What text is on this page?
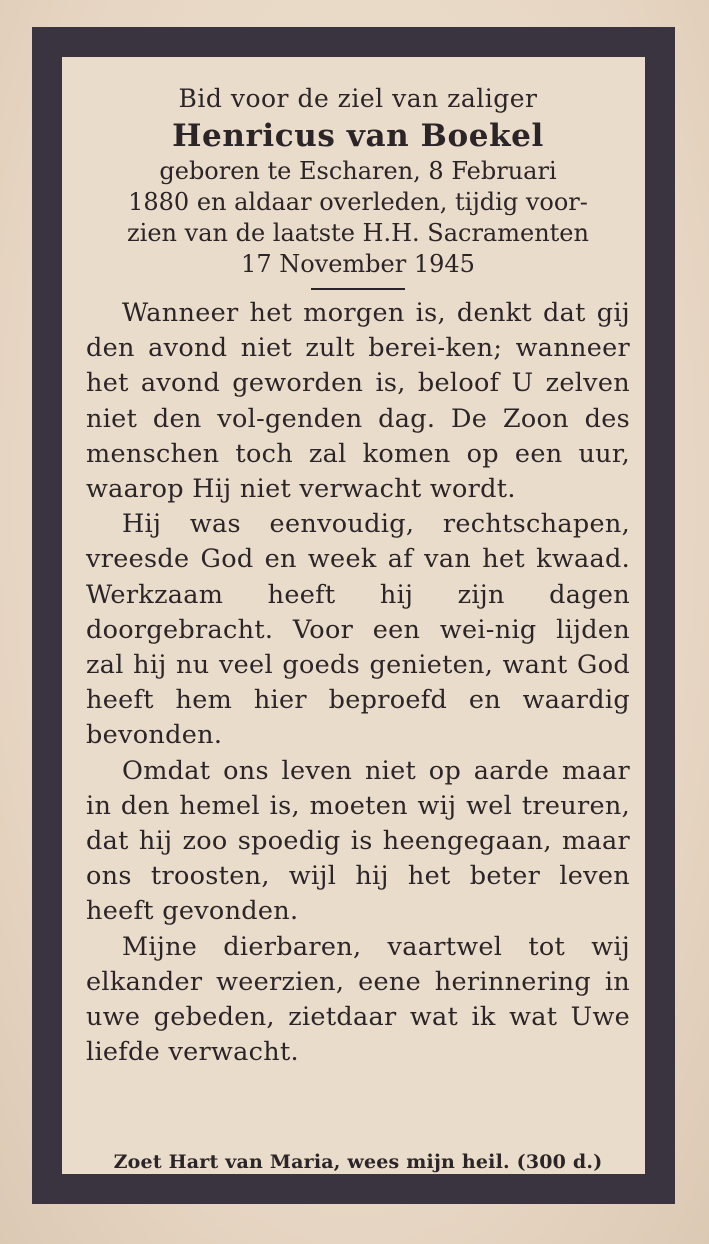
Bid voor de ziel van zaliger

Henricus van Boekel

geboren te Escharen, 8 Februari

1880 en aldaar overleden, tijdig voor-

zien van de laatste H.H. Sacramenten

17 November 1945

Wanneer het morgen is, denkt dat gij den avond niet zult berei-ken; wanneer het avond geworden is, beloof U zelven niet den vol-genden dag. De Zoon des menschen toch zal komen op een uur, waarop Hij niet verwacht wordt.

Hij was eenvoudig, rechtschapen, vreesde God en week af van het kwaad. Werkzaam heeft hij zijn dagen doorgebracht. Voor een wei-nig lijden zal hij nu veel goeds genieten, want God heeft hem hier beproefd en waardig bevonden.

Omdat ons leven niet op aarde maar in den hemel is, moeten wij wel treuren, dat hij zoo spoedig is heengegaan, maar ons troosten, wijl hij het beter leven heeft gevonden.

Mijne dierbaren, vaartwel tot wij elkander weerzien, eene herinnering in uwe gebeden, zietdaar wat ik wat Uwe liefde verwacht.

Zoet Hart van Maria, wees mijn heil. (300 d.)
